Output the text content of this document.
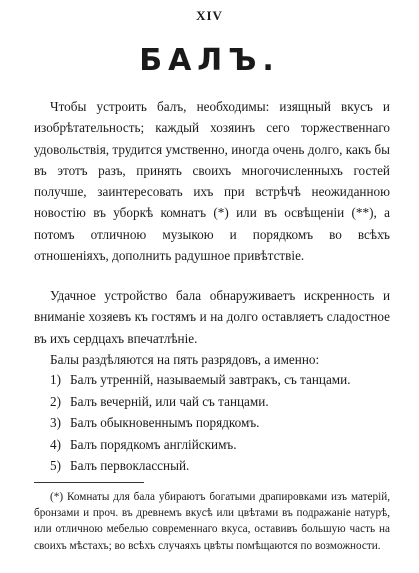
XIV
БАЛЪ.
Чтобы устроить балъ, необходимы: изящный вкусъ и изобрѣтательность; каждый хозяинъ сего торжественнаго удовольствія, трудится умственно, иногда очень долго, какъ бы въ этотъ разъ, принять своихъ многочисленныхъ гостей получше, заинтересовать ихъ при встрѣчѣ неожиданною новостію въ уборкѣ комнатъ (*) или въ освѣщеніи (**), а потомъ отличною музыкою и порядкомъ во всѣхъ отношеніяхъ, дополнить радушное привѣтствіе.
Удачное устройство бала обнаруживаетъ искренность и вниманіе хозяевъ къ гостямъ и на долго оставляетъ сладостное въ ихъ сердцахъ впечатлѣніе.
Балы раздѣляются на пять разрядовъ, а именно:
1) Балъ утренній, называемый завтракъ, съ танцами.
2) Балъ вечерній, или чай съ танцами.
3) Балъ обыкновеннымъ порядкомъ.
4) Балъ порядкомъ англійскимъ.
5) Балъ первоклассный.
(*) Комнаты для бала убираютъ богатыми драпировками изъ матерій, бронзами и проч. въ древнемъ вкусѣ или цвѣтами въ подражаніе натурѣ, или отличною мебелью современнаго вкуса, оставивъ большую часть на своихъ мѣстахъ; во всѣхъ случаяхъ цвѣты помѣщаются по возможности.
